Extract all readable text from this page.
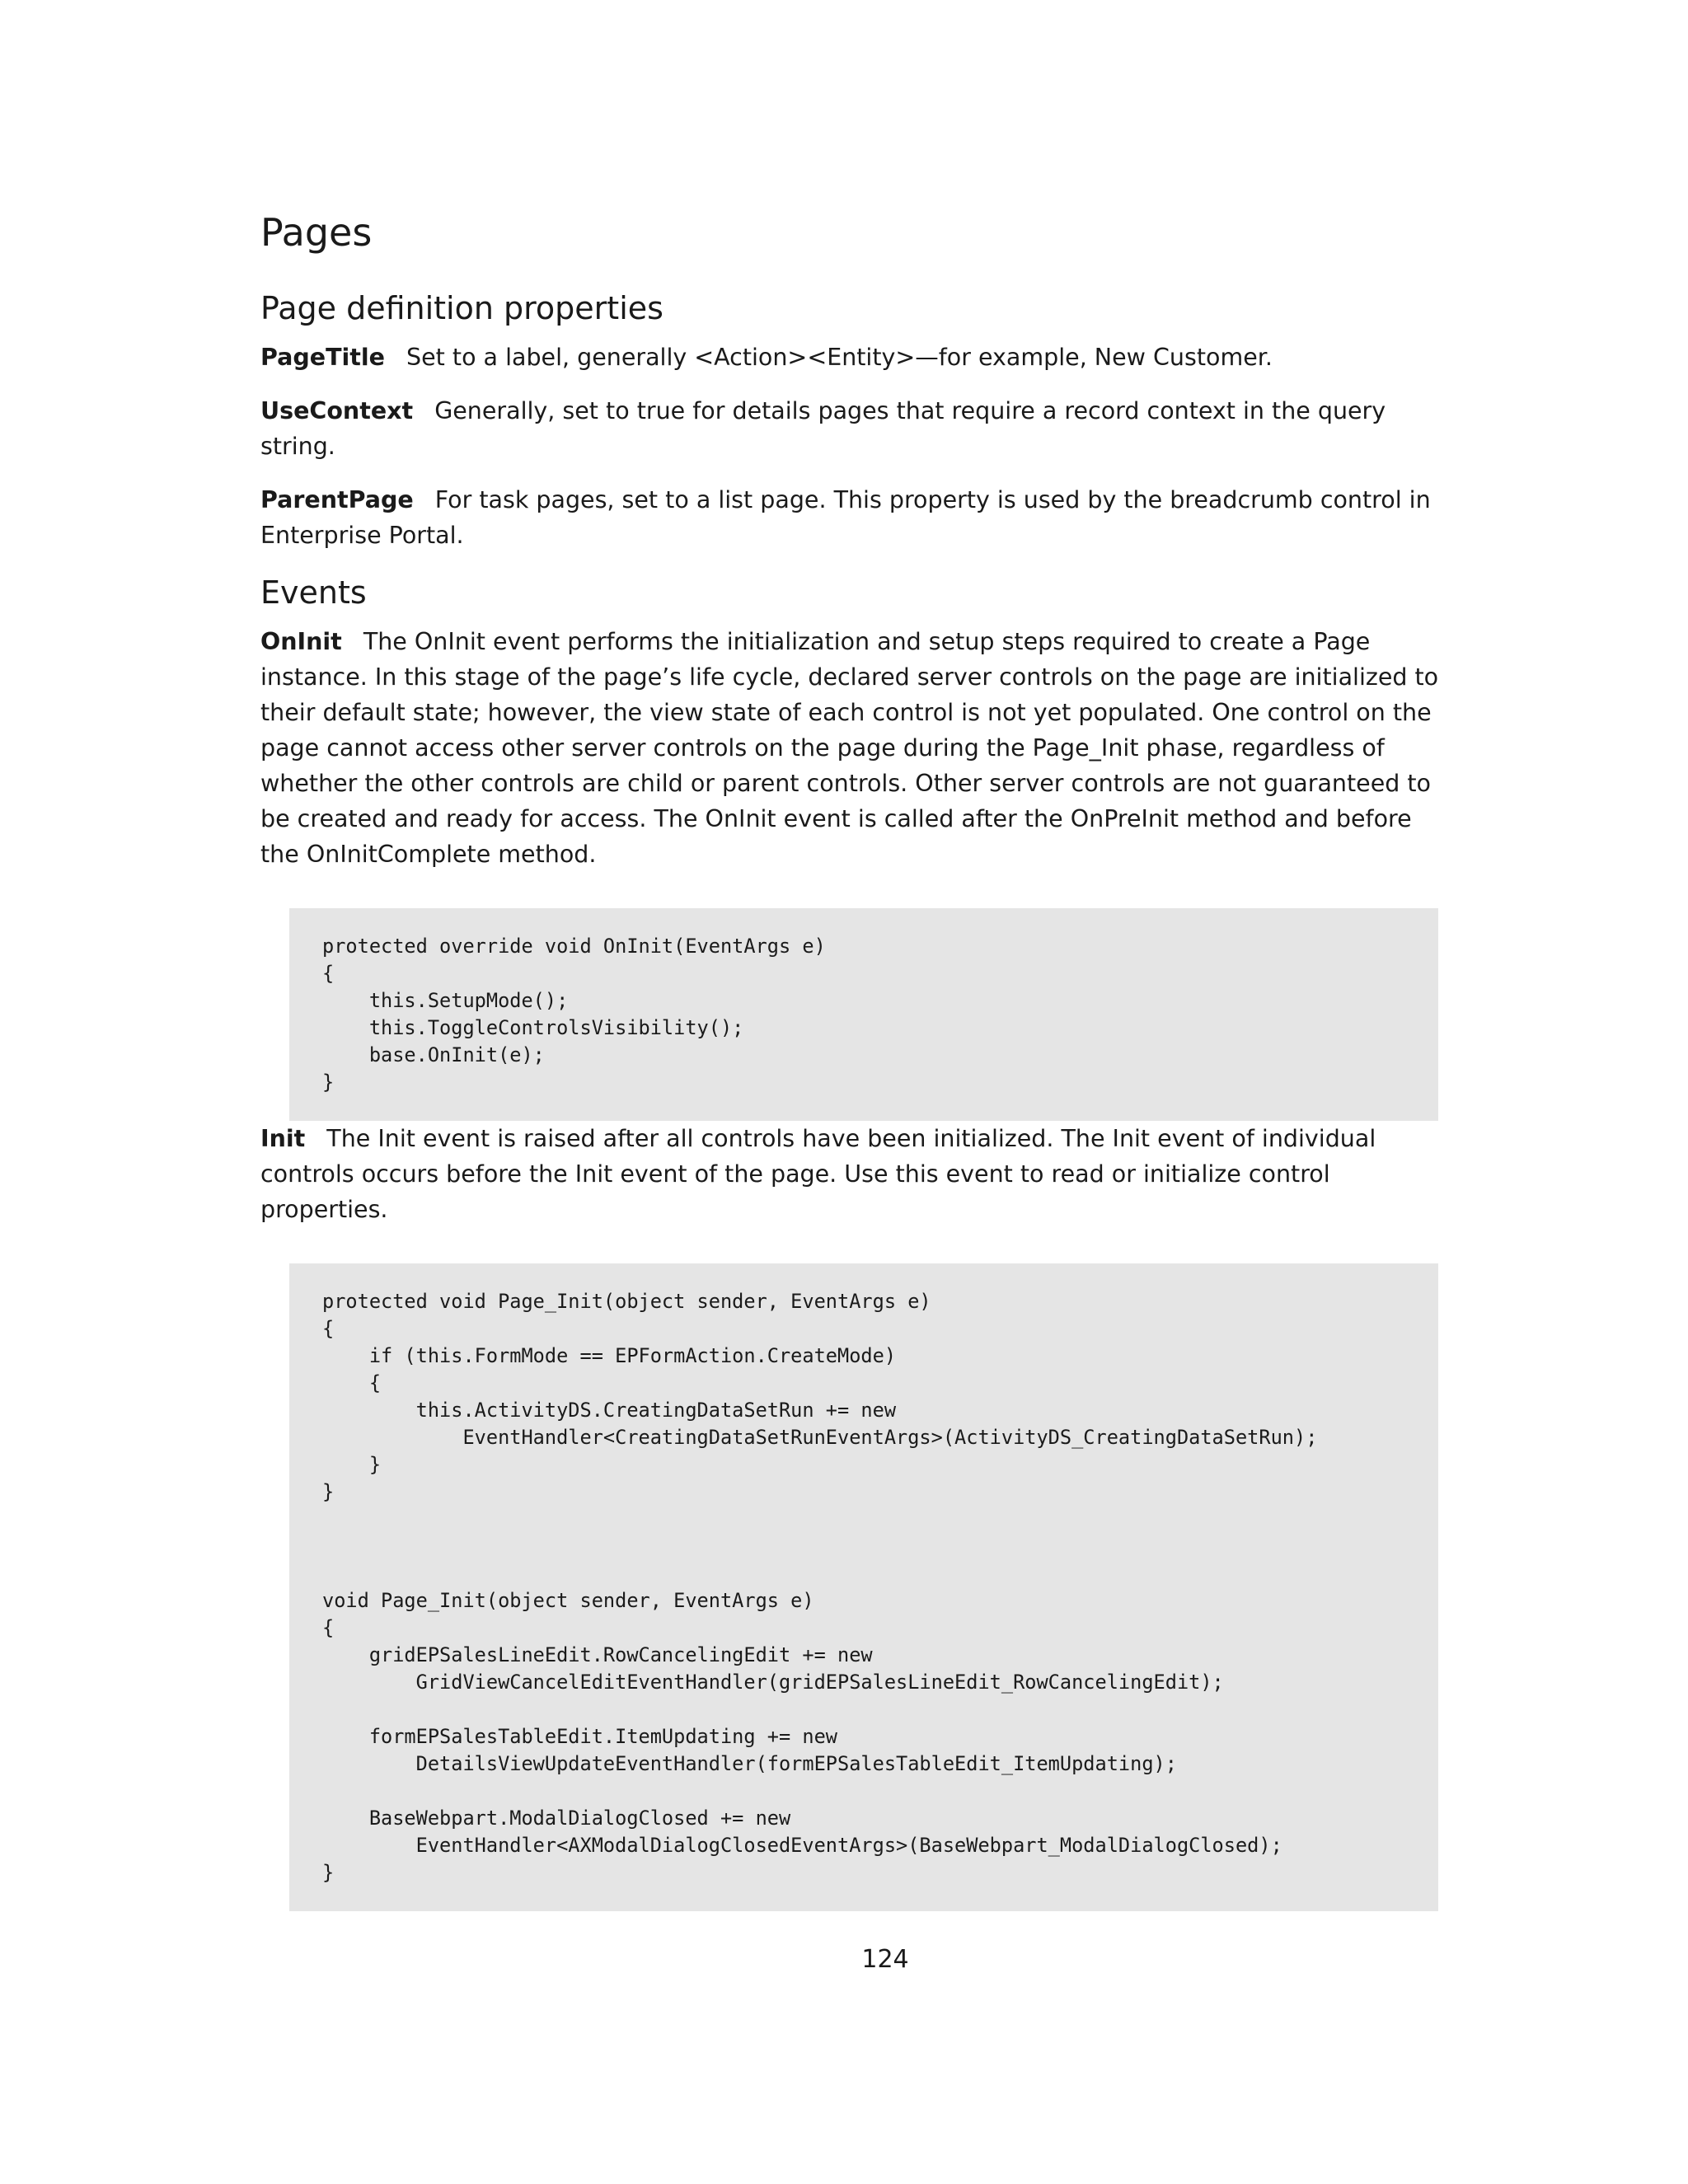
Pages
Page definition properties

PageTitle Set to a label, generally <Action><Entity>—for example, New Customer.

UseContext Generally, set to true for details pages that require a record context in the query string.

ParentPage For task pages, set to a list page. This property is used by the breadcrumb control in Enterprise Portal.

Events

OnInit The OnInit event performs the initialization and setup steps required to create a Page instance. In this stage of the page’s life cycle, declared server controls on the page are initialized to their default state; however, the view state of each control is not yet populated. One control on the page cannot access other server controls on the page during the Page_Init phase, regardless of whether the other controls are child or parent controls. Other server controls are not guaranteed to be created and ready for access. The OnInit event is called after the OnPreInit method and before the OnInitComplete method.

protected override void OnInit(EventArgs e)
{
this.SetupMode();
this.ToggleControlsVisibility();
base.OnInit(e);
}

Init The Init event is raised after all controls have been initialized. The Init event of individual controls occurs before the Init event of the page. Use this event to read or initialize control properties.

protected void Page_Init(object sender, EventArgs e)
{
if (this.FormMode == EPFormAction.CreateMode)
{
this.ActivityDS.CreatingDataSetRun += new
EventHandler<CreatingDataSetRunEventArgs>(ActivityDS_CreatingDataSetRun);
}
}

void Page_Init(object sender, EventArgs e)
{
gridEPSalesLineEdit.RowCancelingEdit += new
GridViewCancelEditEventHandler(gridEPSalesLineEdit_RowCancelingEdit);

formEPSalesTableEdit.ItemUpdating += new
DetailsViewUpdateEventHandler(formEPSalesTableEdit_ItemUpdating);

BaseWebpart.ModalDialogClosed += new
EventHandler<AXModalDialogClosedEventArgs>(BaseWebpart_ModalDialogClosed);
}
124
